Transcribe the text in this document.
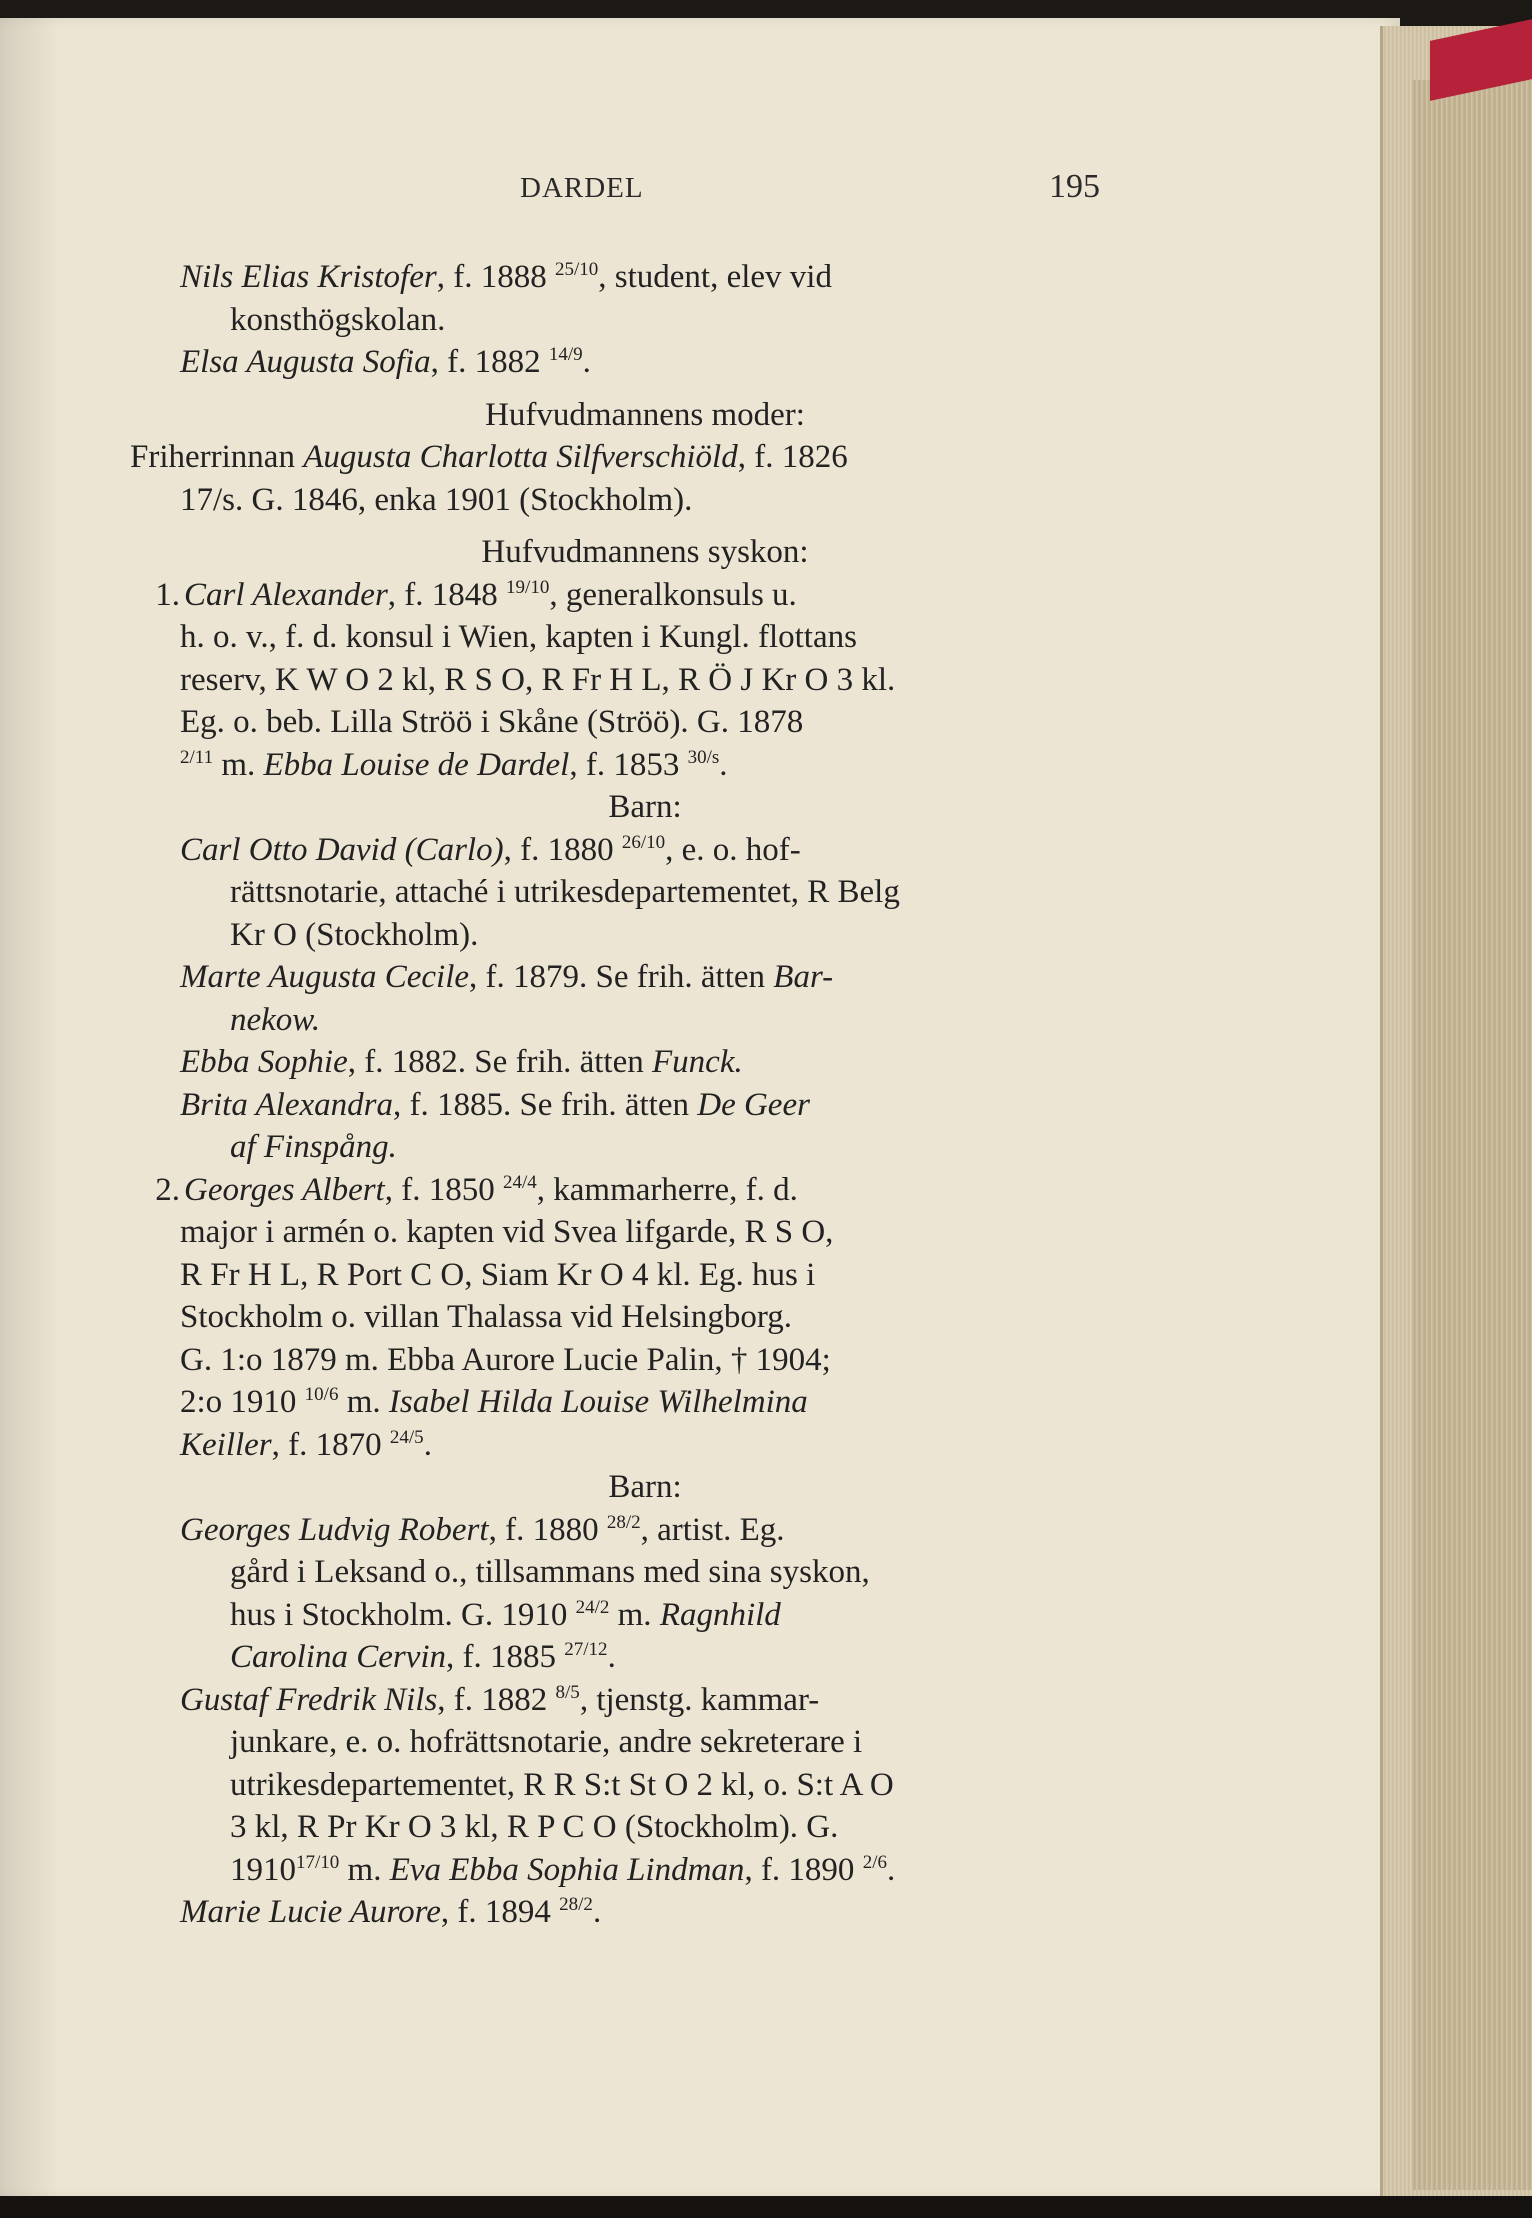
DARDEL	195
Nils Elias Kristofer, f. 1888 $^{25/10}$, student, elev vid
konsthögskolan.
Elsa Augusta Sofia, f. 1882 $^{14/9}$.
Hufvudmannens moder:
Friherrinnan Augusta Charlotta Silfverschiöld, f. 1826
17/s. G. 1846, enka 1901 (Stockholm).
Hufvudmannens syskon:
1. Carl Alexander, f. 1848 $^{19/10}$, generalkonsuls u.
h. o. v., f. d. konsul i Wien, kapten i Kungl. flottans
reserv, K W O 2 kl, R S O, R Fr H L, R Ö J Kr O 3 kl.
Eg. o. beb. Lilla Ströö i Skåne (Ströö). G. 1878
$^{2/11}$ m. Ebba Louise de Dardel, f. 1853 $^{30/s}$.
Barn:
Carl Otto David (Carlo), f. 1880 $^{26/10}$, e. o. hof-
rättsnotarie, attaché i utrikesdepartementet, R Belg
Kr O (Stockholm).
Marte Augusta Cecile, f. 1879. Se frih. ätten Bar-
nekow.
Ebba Sophie, f. 1882. Se frih. ätten Funck.
Brita Alexandra, f. 1885. Se frih. ätten De Geer
af Finspång.
2. Georges Albert, f. 1850 $^{24/4}$, kammarherre, f. d.
major i armén o. kapten vid Svea lifgarde, R S O,
R Fr H L, R Port C O, Siam Kr O 4 kl. Eg. hus i
Stockholm o. villan Thalassa vid Helsingborg.
G. 1:o 1879 m. Ebba Aurore Lucie Palin, † 1904;
2:o 1910 $^{10/6}$ m. Isabel Hilda Louise Wilhelmina
Keiller, f. 1870 $^{24/5}$.
Barn:
Georges Ludvig Robert, f. 1880 $^{28/2}$, artist. Eg.
gård i Leksand o., tillsammans med sina syskon,
hus i Stockholm. G. 1910 $^{24/2}$ m. Ragnhild
Carolina Cervin, f. 1885 $^{27/12}$.
Gustaf Fredrik Nils, f. 1882 $^{8/5}$, tjenstg. kammar-
junkare, e. o. hofrättsnotarie, andre sekreterare i
utrikesdepartementet, R R S:t St O 2 kl, o. S:t A O
3 kl, R Pr Kr O 3 kl, R P C O (Stockholm). G.
$1910^{17/10}$ m. Eva Ebba Sophia Lindman, f. 1890 $^{2/6}$.
Marie Lucie Aurore, f. 1894 $^{28/2}$.
